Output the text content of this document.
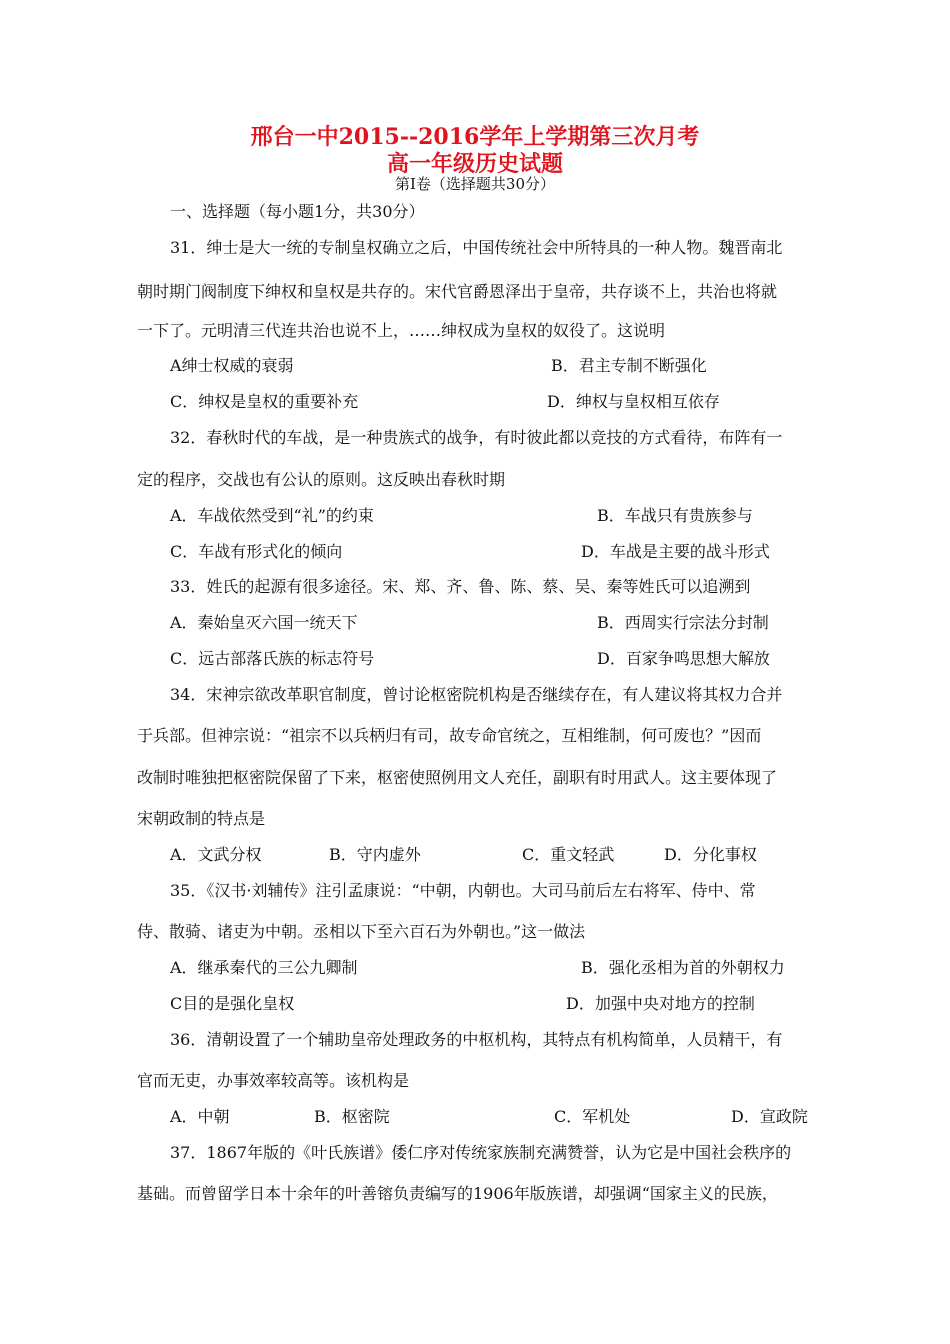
邢台一中2015--2016学年上学期第三次月考
高一年级历史试题
第Ⅰ卷（选择题共30分）
一、选择题（每小题1分，共30分）
31．绅士是大一统的专制皇权确立之后，中国传统社会中所特具的一种人物。魏晋南北
朝时期门阀制度下绅权和皇权是共存的。宋代官爵恩泽出于皇帝，共存谈不上，共治也将就
一下了。元明清三代连共治也说不上，……绅权成为皇权的奴役了。这说明
A绅士权威的衰弱	B．君主专制不断强化
C．绅权是皇权的重要补充	D．绅权与皇权相互依存
32．春秋时代的车战，是一种贵族式的战争，有时彼此都以竞技的方式看待，布阵有一
定的程序，交战也有公认的原则。这反映出春秋时期
A．车战依然受到“礼”的约束	B．车战只有贵族参与
C．车战有形式化的倾向	D．车战是主要的战斗形式
33．姓氏的起源有很多途径。宋、郑、齐、鲁、陈、蔡、吴、秦等姓氏可以追溯到
A．秦始皇灭六国一统天下	B．西周实行宗法分封制
C．远古部落氏族的标志符号	D．百家争鸣思想大解放
34．宋神宗欲改革职官制度，曾讨论枢密院机构是否继续存在，有人建议将其权力合并
于兵部。但神宗说：“祖宗不以兵柄归有司，故专命官统之，互相维制，何可废也？”因而
改制时唯独把枢密院保留了下来，枢密使照例用文人充任，副职有时用武人。这主要体现了
宋朝政制的特点是
A．文武分权	B．守内虚外	C．重文轻武	D．分化事权
35．《汉书·刘辅传》注引孟康说：“中朝，内朝也。大司马前后左右将军、侍中、常
侍、散骑、诸吏为中朝。丞相以下至六百石为外朝也。”这一做法
A．继承秦代的三公九卿制	B．强化丞相为首的外朝权力
C目的是强化皇权	D．加强中央对地方的控制
36．清朝设置了一个辅助皇帝处理政务的中枢机构，其特点有机构简单，人员精干，有
官而无吏，办事效率较高等。该机构是
A．中朝	B．枢密院	C．军机处	D．宣政院
37．1867年版的《叶氏族谱》倭仁序对传统家族制充满赞誉，认为它是中国社会秩序的
基础。而曾留学日本十余年的叶善镕负责编写的1906年版族谱，却强调“国家主义的民族，
